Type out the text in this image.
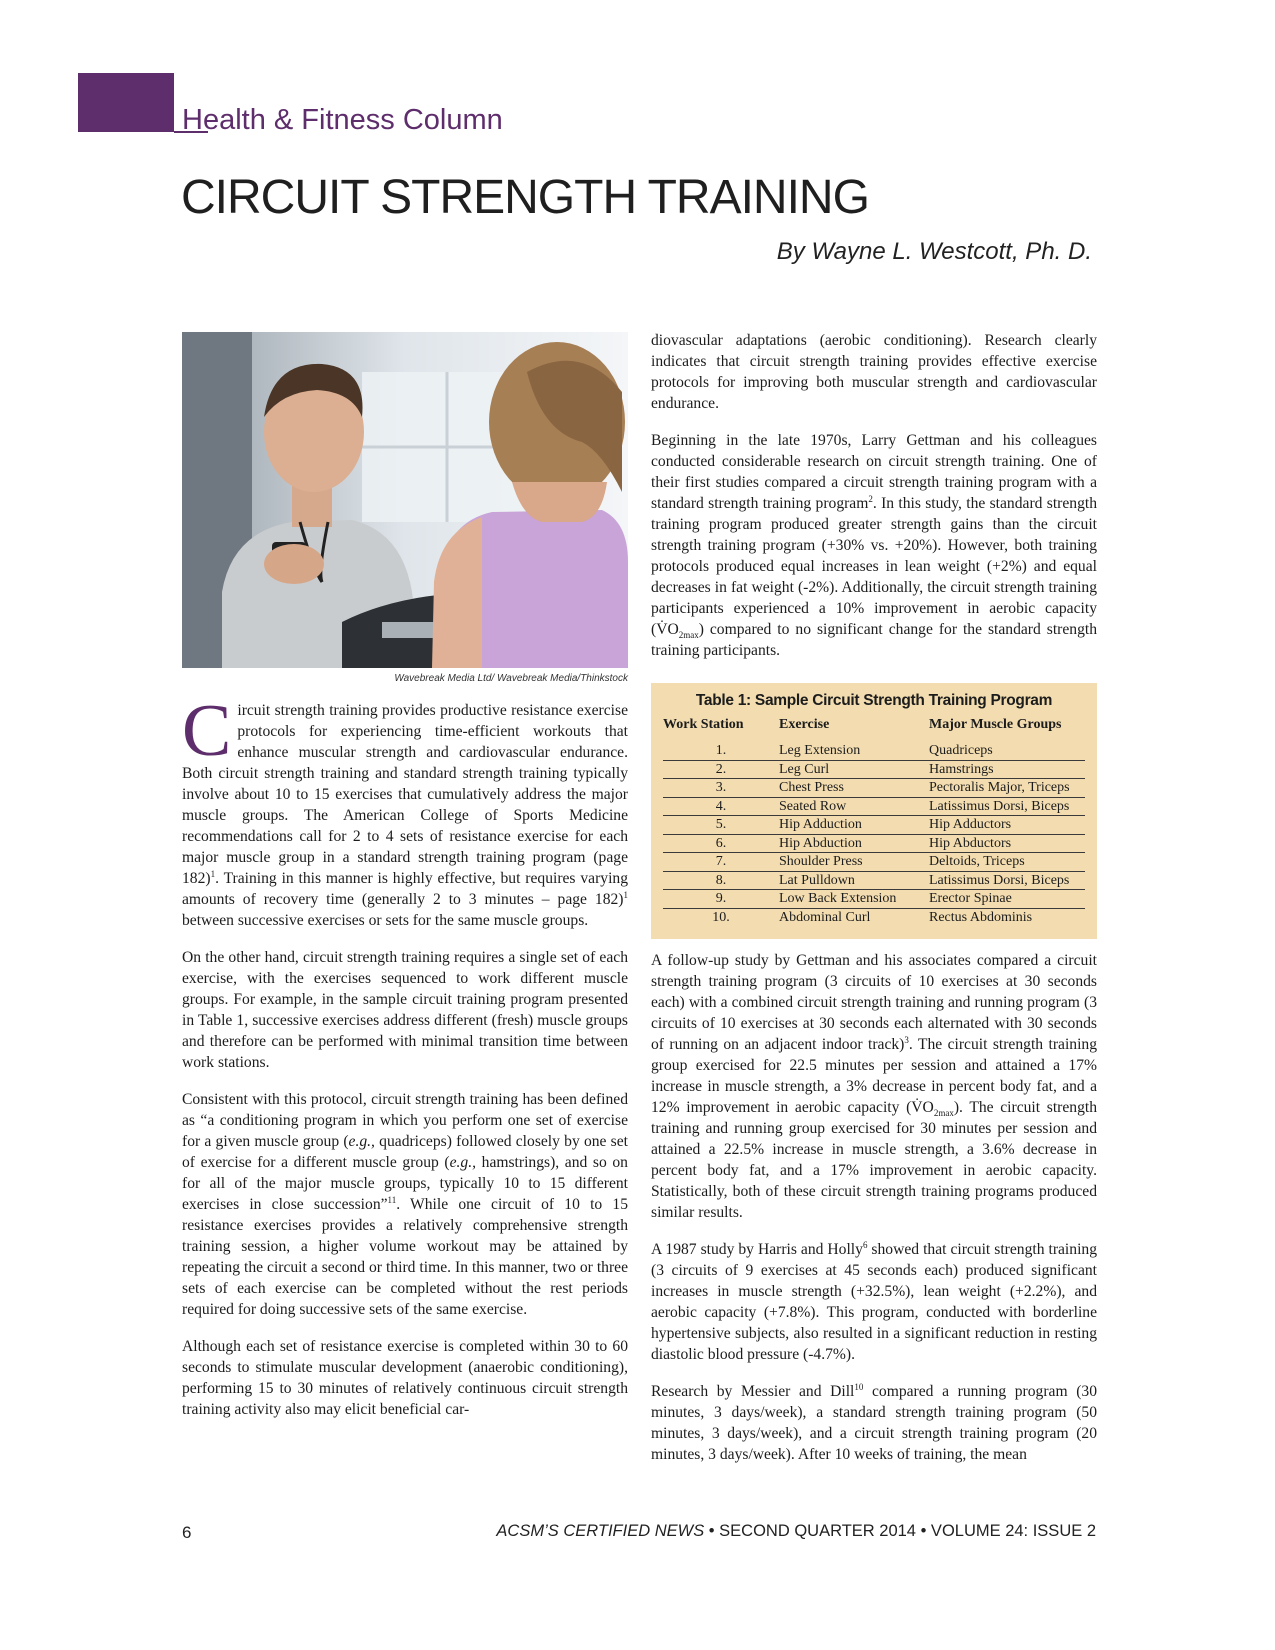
Health & Fitness Column
CIRCUIT STRENGTH TRAINING
By Wayne L. Westcott, Ph. D.
Wavebreak Media Ltd/ Wavebreak Media/Thinkstock

Circuit strength training provides productive resistance exercise protocols for experiencing time-efficient workouts that enhance muscular strength and cardiovascular endurance. Both circuit strength training and standard strength training typically involve about 10 to 15 exercises that cumulatively address the major muscle groups. The American College of Sports Medicine recommendations call for 2 to 4 sets of resistance exercise for each major muscle group in a standard strength training program (page 182)$^1$. Training in this manner is highly effective, but requires varying amounts of recovery time (generally 2 to 3 minutes – page 182)$^1$ between successive exercises or sets for the same muscle groups.

On the other hand, circuit strength training requires a single set of each exercise, with the exercises sequenced to work different muscle groups. For example, in the sample circuit training program presented in Table 1, successive exercises address different (fresh) muscle groups and therefore can be performed with minimal transition time between work stations.

Consistent with this protocol, circuit strength training has been defined as “a conditioning program in which you perform one set of exercise for a given muscle group (e.g., quadriceps) followed closely by one set of exercise for a different muscle group (e.g., hamstrings), and so on for all of the major muscle groups, typically 10 to 15 different exercises in close succession”$^{11}$. While one circuit of 10 to 15 resistance exercises provides a relatively comprehensive strength training session, a higher volume workout may be attained by repeating the circuit a second or third time. In this manner, two or three sets of each exercise can be completed without the rest periods required for doing successive sets of the same exercise.

Although each set of resistance exercise is completed within 30 to 60 seconds to stimulate muscular development (anaerobic conditioning), performing 15 to 30 minutes of relatively continuous circuit strength training activity also may elicit beneficial car-

diovascular adaptations (aerobic conditioning). Research clearly indicates that circuit strength training provides effective exercise protocols for improving both muscular strength and cardiovascular endurance.

Beginning in the late 1970s, Larry Gettman and his colleagues conducted considerable research on circuit strength training. One of their first studies compared a circuit strength training program with a standard strength training program$^2$. In this study, the standard strength training program produced greater strength gains than the circuit strength training program (+30% vs. +20%). However, both training protocols produced equal increases in lean weight (+2%) and equal decreases in fat weight (-2%). Additionally, the circuit strength training participants experienced a 10% improvement in aerobic capacity $(V̇O_{2max})$ compared to no significant change for the standard strength training participants.

Table 1: Sample Circuit Strength Training Program
Work Station	Exercise	Major Muscle Groups
1.	Leg Extension	Quadriceps
2.	Leg Curl	Hamstrings
3.	Chest Press	Pectoralis Major, Triceps
4.	Seated Row	Latissimus Dorsi, Biceps
5.	Hip Adduction	Hip Adductors
6.	Hip Abduction	Hip Abductors
7.	Shoulder Press	Deltoids, Triceps
8.	Lat Pulldown	Latissimus Dorsi, Biceps
9.	Low Back Extension	Erector Spinae
10.	Abdominal Curl	Rectus Abdominis

A follow-up study by Gettman and his associates compared a circuit strength training program (3 circuits of 10 exercises at 30 seconds each) with a combined circuit strength training and running program (3 circuits of 10 exercises at 30 seconds each alternated with 30 seconds of running on an adjacent indoor track)$^3$. The circuit strength training group exercised for 22.5 minutes per session and attained a 17% increase in muscle strength, a 3% decrease in percent body fat, and a 12% improvement in aerobic capacity $(V̇O_{2max})$. The circuit strength training and running group exercised for 30 minutes per session and attained a 22.5% increase in muscle strength, a 3.6% decrease in percent body fat, and a 17% improvement in aerobic capacity. Statistically, both of these circuit strength training programs produced similar results.

A 1987 study by Harris and Holly$^6$ showed that circuit strength training (3 circuits of 9 exercises at 45 seconds each) produced significant increases in muscle strength (+32.5%), lean weight (+2.2%), and aerobic capacity (+7.8%). This program, conducted with borderline hypertensive subjects, also resulted in a significant reduction in resting diastolic blood pressure (-4.7%).

Research by Messier and Dill$^{10}$ compared a running program (30 minutes, 3 days/week), a standard strength training program (50 minutes, 3 days/week), and a circuit strength training program (20 minutes, 3 days/week). After 10 weeks of training, the mean

6	ACSM’S CERTIFIED NEWS • SECOND QUARTER 2014 • VOLUME 24: ISSUE 2
